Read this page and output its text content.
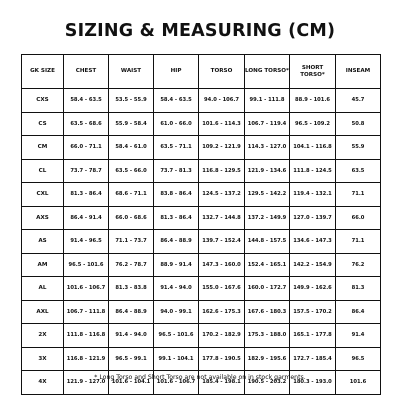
SIZING & MEASURING (CM)
GK SIZE	CHEST	WAIST	HIP	TORSO	LONG TORSO*	SHORT TORSO*	INSEAM
CXS	58.4 - 63.5	53.5 - 55.9	58.4 - 63.5	94.0 - 106.7	99.1 - 111.8	88.9 - 101.6	45.7
CS	63.5 - 68.6	55.9 - 58.4	61.0 - 66.0	101.6 - 114.3	106.7 - 119.4	96.5 - 109.2	50.8
CM	66.0 - 71.1	58.4 - 61.0	63.5 - 71.1	109.2 - 121.9	114.3 - 127.0	104.1 - 116.8	55.9
CL	73.7 - 78.7	63.5 - 66.0	73.7 - 81.3	116.8 - 129.5	121.9 - 134.6	111.8 - 124.5	63.5
CXL	81.3 - 86.4	68.6 - 71.1	83.8 - 86.4	124.5 - 137.2	129.5 - 142.2	119.4 - 132.1	71.1
AXS	86.4 - 91.4	66.0 - 68.6	81.3 - 86.4	132.7 - 144.8	137.2 - 149.9	127.0 - 139.7	66.0
AS	91.4 - 96.5	71.1 - 73.7	86.4 - 88.9	139.7 - 152.4	144.8 - 157.5	134.6 - 147.3	71.1
AM	96.5 - 101.6	76.2 - 78.7	88.9 - 91.4	147.3 - 160.0	152.4 - 165.1	142.2 - 154.9	76.2
AL	101.6 - 106.7	81.3 - 83.8	91.4 - 94.0	155.0 - 167.6	160.0 - 172.7	149.9 - 162.6	81.3
AXL	106.7 - 111.8	86.4 - 88.9	94.0 - 99.1	162.6 - 175.3	167.6 - 180.3	157.5 - 170.2	86.4
2X	111.8 - 116.8	91.4 - 94.0	96.5 - 101.6	170.2 - 182.9	175.3 - 188.0	165.1 - 177.8	91.4
3X	116.8 - 121.9	96.5 - 99.1	99.1 - 104.1	177.8 - 190.5	182.9 - 195.6	172.7 - 185.4	96.5
4X	121.9 - 127.0	101.6 - 104.1	101.6 - 106.7	185.4 - 198.1	190.5 - 203.2	180.3 - 193.0	101.6
* Long Torso and Short Torso are not available on in stock garments.
